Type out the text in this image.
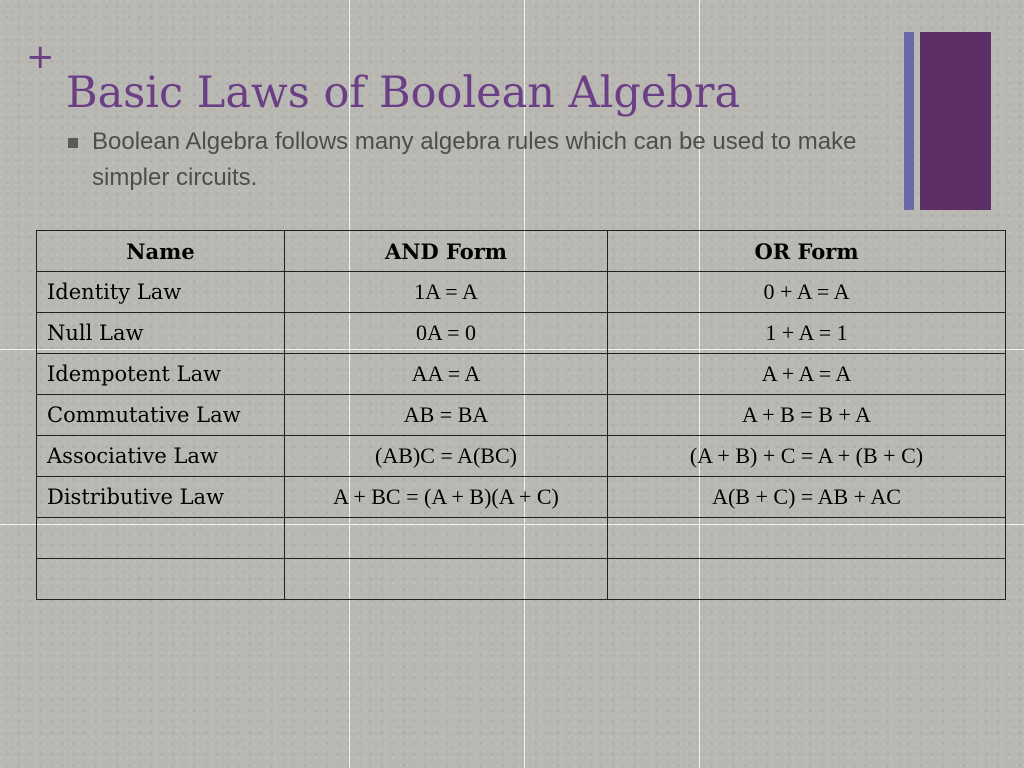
+
Basic Laws of Boolean Algebra
Boolean Algebra follows many algebra rules which can be used to make simpler circuits.
Name	AND Form	OR Form
Identity Law	1A = A	0 + A = A
Null Law	0A = 0	1 + A = 1
Idempotent Law	AA = A	A + A = A
Commutative Law	AB = BA	A + B = B + A
Associative Law	(AB)C = A(BC)	(A + B) + C = A + (B + C)
Distributive Law	A + BC = (A + B)(A + C)	A(B + C) = AB + AC
